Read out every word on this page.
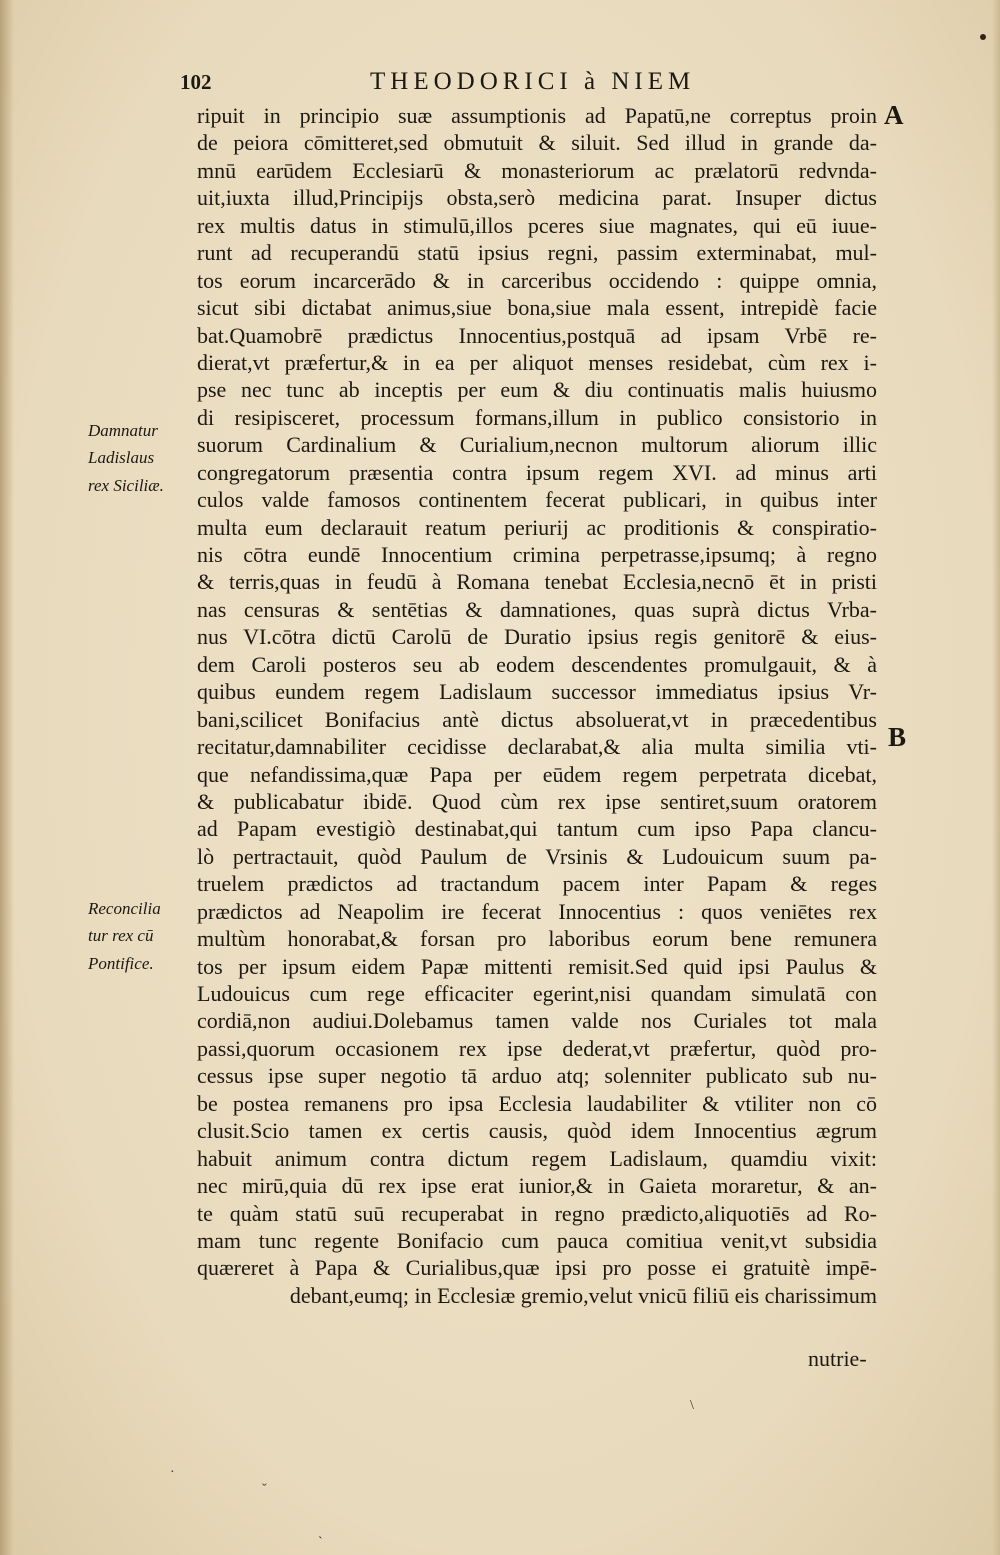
102	THEODORICI à NIEM
A
B
Damnatur
Ladislaus
rex Siciliæ.
Reconcilia
tur rex cū
Pontifice.
ripuit in principio suæ assumptionis ad Papatū,ne correptus proin
de peiora cōmitteret,sed obmutuit & siluit. Sed illud in grande da-
mnū earūdem Ecclesiarū & monasteriorum ac prælatorū redvnda-
uit,iuxta illud,Principijs obsta,serò medicina parat. Insuper dictus
rex multis datus in stimulū,illos pceres siue magnates, qui eū iuue-
runt ad recuperandū statū ipsius regni, passim exterminabat, mul-
tos eorum incarcerādo & in carceribus occidendo : quippe omnia,
sicut sibi dictabat animus,siue bona,siue mala essent, intrepidè facie
bat.Quamobrē prædictus Innocentius,postquā ad ipsam Vrbē re-
dierat,vt præfertur,& in ea per aliquot menses residebat, cùm rex i-
pse nec tunc ab inceptis per eum & diu continuatis malis huiusmo
di resipisceret, processum formans,illum in publico consistorio in
suorum Cardinalium & Curialium,necnon multorum aliorum illic
congregatorum præsentia contra ipsum regem XVI. ad minus arti
culos valde famosos continentem fecerat publicari, in quibus inter
multa eum declarauit reatum periurij ac proditionis & conspiratio-
nis cōtra eundē Innocentium crimina perpetrasse,ipsumq; à regno
& terris,quas in feudū à Romana tenebat Ecclesia,necnō ēt in pristi
nas censuras & sentētias & damnationes, quas suprà dictus Vrba-
nus VI.cōtra dictū Carolū de Duratio ipsius regis genitorē & eius-
dem Caroli posteros seu ab eodem descendentes promulgauit, & à
quibus eundem regem Ladislaum successor immediatus ipsius Vr-
bani,scilicet Bonifacius antè dictus absoluerat,vt in præcedentibus
recitatur,damnabiliter cecidisse declarabat,& alia multa similia vti-
que nefandissima,quæ Papa per eūdem regem perpetrata dicebat,
& publicabatur ibidē. Quod cùm rex ipse sentiret,suum oratorem
ad Papam evestigiò destinabat,qui tantum cum ipso Papa clancu-
lò pertractauit, quòd Paulum de Vrsinis & Ludouicum suum pa-
truelem prædictos ad tractandum pacem inter Papam & reges
prædictos ad Neapolim ire fecerat Innocentius : quos veniētes rex
multùm honorabat,& forsan pro laboribus eorum bene remunera
tos per ipsum eidem Papæ mittenti remisit.Sed quid ipsi Paulus &
Ludouicus cum rege efficaciter egerint,nisi quandam simulatā con
cordiā,non audiui.Dolebamus tamen valde nos Curiales tot mala
passi,quorum occasionem rex ipse dederat,vt præfertur, quòd pro-
cessus ipse super negotio tā arduo atq; solenniter publicato sub nu-
be postea remanens pro ipsa Ecclesia laudabiliter & vtiliter non cō
clusit.Scio tamen ex certis causis, quòd idem Innocentius ægrum
habuit animum contra dictum regem Ladislaum, quamdiu vixit:
nec mirū,quia dū rex ipse erat iunior,& in Gaieta moraretur, & an-
te quàm statū suū recuperabat in regno prædicto,aliquotiēs ad Ro-
mam tunc regente Bonifacio cum pauca comitiua venit,vt subsidia
quæreret à Papa & Curialibus,quæ ipsi pro posse ei gratuitè impē-
debant,eumq; in Ecclesiæ gremio,velut vnicū filiū eis charissimum
nutrie-
\
·
ˇ
`
